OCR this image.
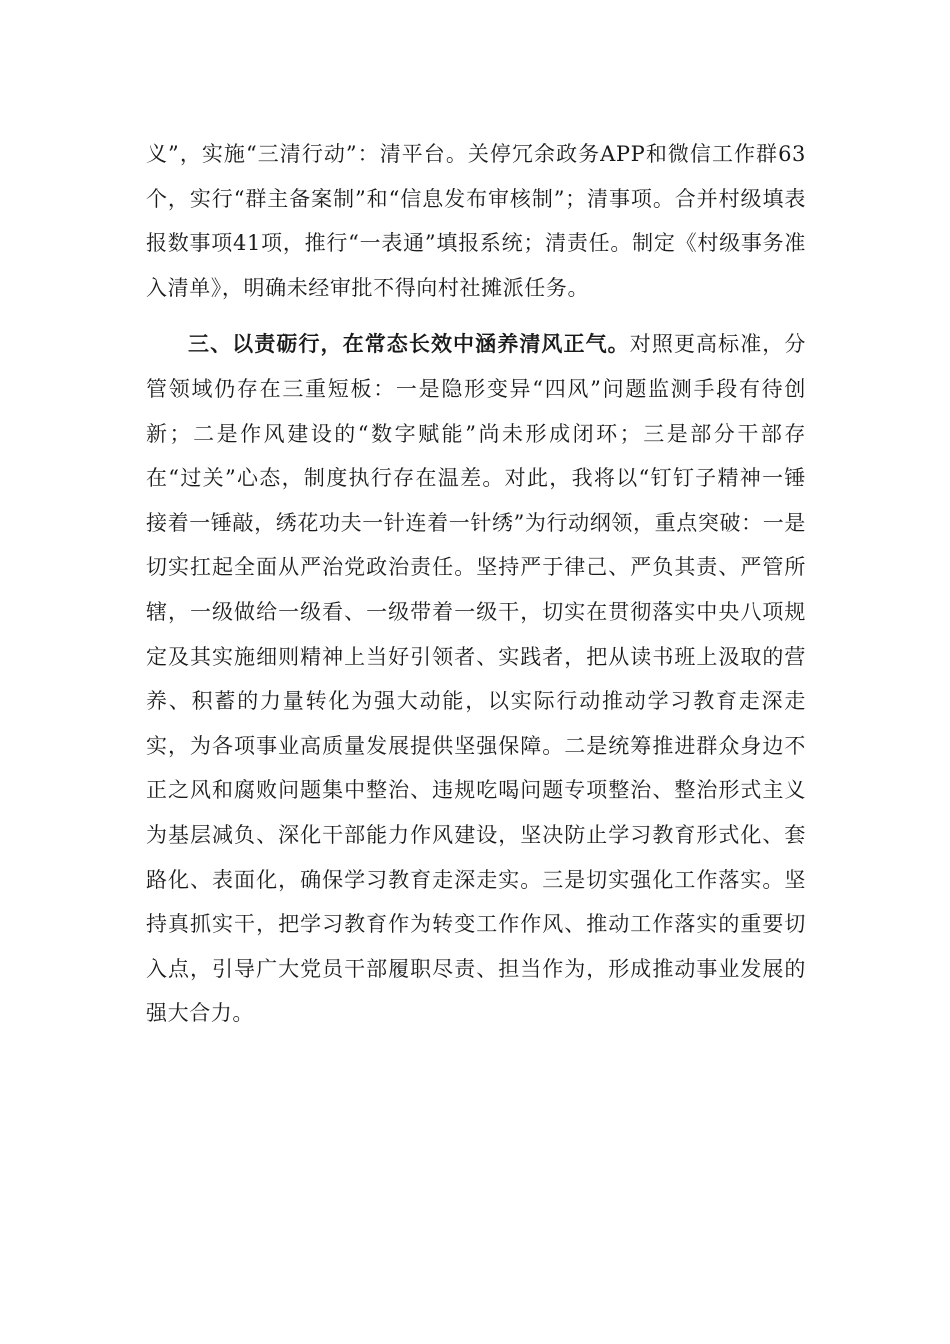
义”，实施“三清行动”：清平台。关停冗余政务APP和微信工作群63个，实行“群主备案制”和“信息发布审核制”；清事项。合并村级填表报数事项41项，推行“一表通”填报系统；清责任。制定《村级事务准入清单》，明确未经审批不得向村社摊派任务。

三、以责砺行，在常态长效中涵养清风正气。对照更高标准，分管领域仍存在三重短板：一是隐形变异“四风”问题监测手段有待创新；二是作风建设的“数字赋能”尚未形成闭环；三是部分干部存在“过关”心态，制度执行存在温差。对此，我将以“钉钉子精神一锤接着一锤敲，绣花功夫一针连着一针绣”为行动纲领，重点突破：一是切实扛起全面从严治党政治责任。坚持严于律己、严负其责、严管所辖，一级做给一级看、一级带着一级干，切实在贯彻落实中央八项规定及其实施细则精神上当好引领者、实践者，把从读书班上汲取的营养、积蓄的力量转化为强大动能，以实际行动推动学习教育走深走实，为各项事业高质量发展提供坚强保障。二是统筹推进群众身边不正之风和腐败问题集中整治、违规吃喝问题专项整治、整治形式主义为基层减负、深化干部能力作风建设，坚决防止学习教育形式化、套路化、表面化，确保学习教育走深走实。三是切实强化工作落实。坚持真抓实干，把学习教育作为转变工作作风、推动工作落实的重要切入点，引导广大党员干部履职尽责、担当作为，形成推动事业发展的强大合力。
